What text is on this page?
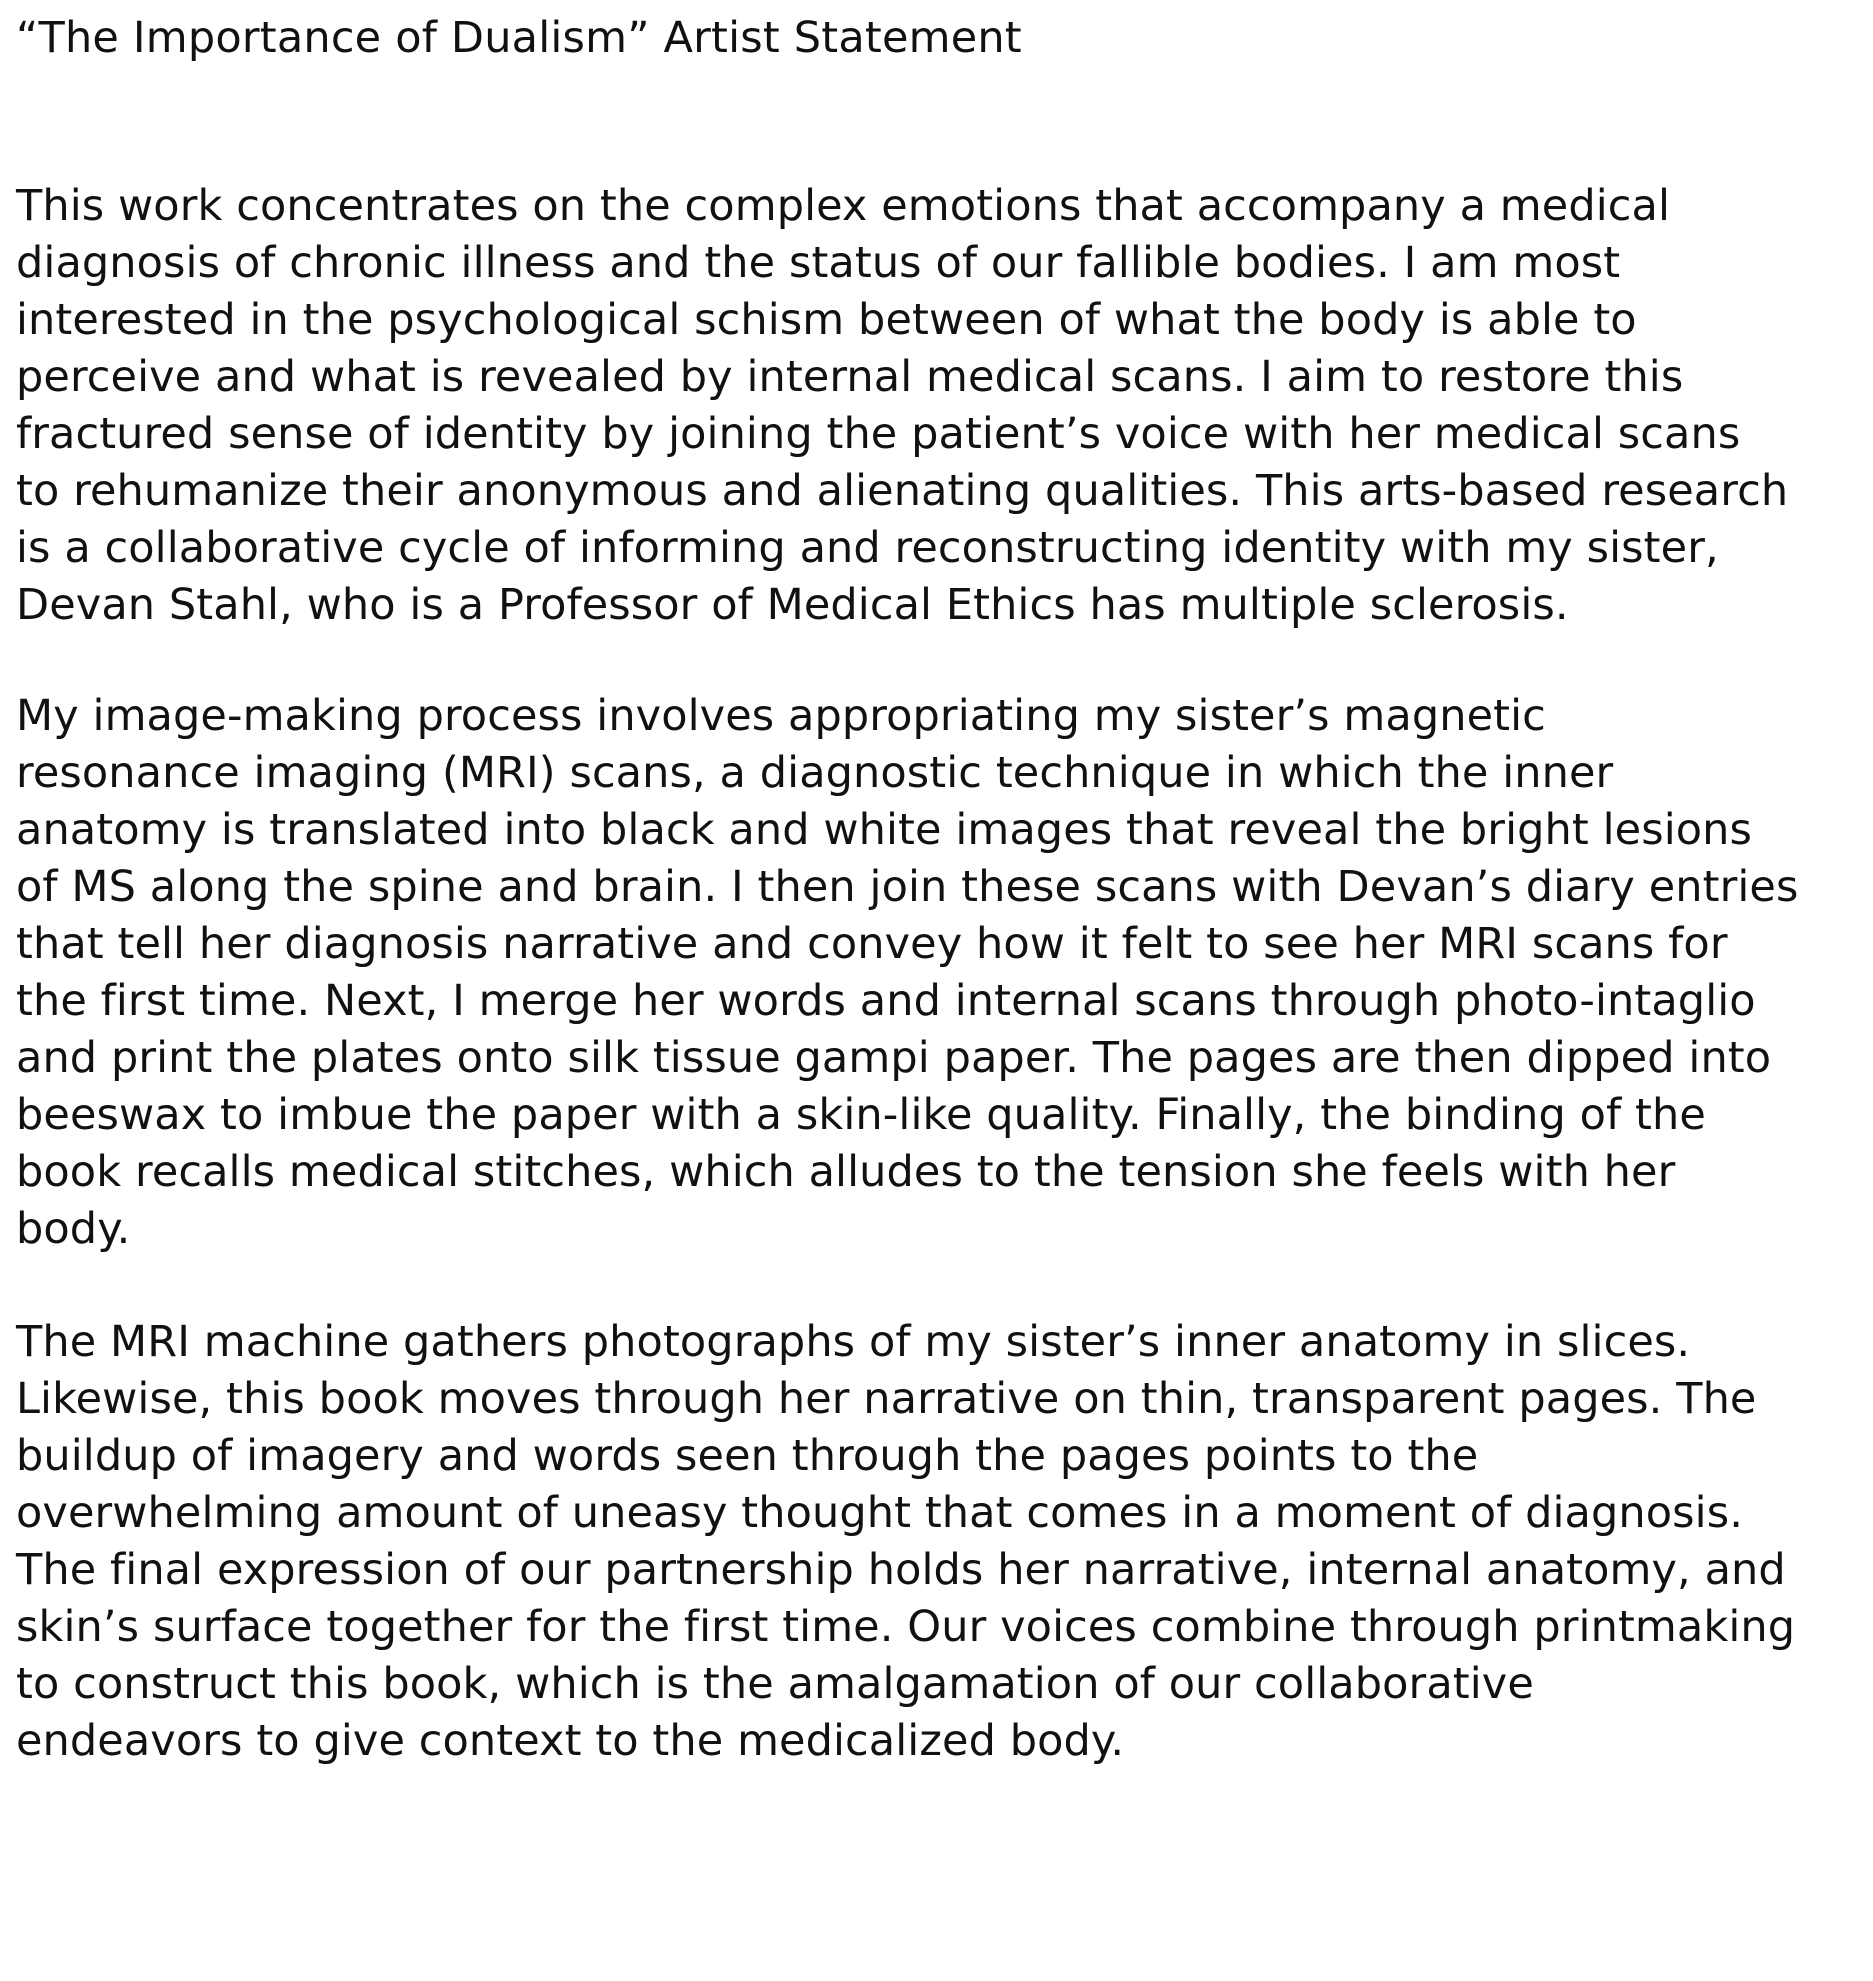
“The Importance of Dualism” Artist Statement

This work concentrates on the complex emotions that accompany a medical
diagnosis of chronic illness and the status of our fallible bodies. I am most
interested in the psychological schism between of what the body is able to
perceive and what is revealed by internal medical scans. I aim to restore this
fractured sense of identity by joining the patient’s voice with her medical scans
to rehumanize their anonymous and alienating qualities. This arts-based research
is a collaborative cycle of informing and reconstructing identity with my sister,
Devan Stahl, who is a Professor of Medical Ethics has multiple sclerosis.

My image-making process involves appropriating my sister’s magnetic
resonance imaging (MRI) scans, a diagnostic technique in which the inner
anatomy is translated into black and white images that reveal the bright lesions
of MS along the spine and brain. I then join these scans with Devan’s diary entries
that tell her diagnosis narrative and convey how it felt to see her MRI scans for
the first time. Next, I merge her words and internal scans through photo-intaglio
and print the plates onto silk tissue gampi paper. The pages are then dipped into
beeswax to imbue the paper with a skin-like quality. Finally, the binding of the
book recalls medical stitches, which alludes to the tension she feels with her
body.

The MRI machine gathers photographs of my sister’s inner anatomy in slices.
Likewise, this book moves through her narrative on thin, transparent pages. The
buildup of imagery and words seen through the pages points to the
overwhelming amount of uneasy thought that comes in a moment of diagnosis.
The final expression of our partnership holds her narrative, internal anatomy, and
skin’s surface together for the first time. Our voices combine through printmaking
to construct this book, which is the amalgamation of our collaborative
endeavors to give context to the medicalized body.
